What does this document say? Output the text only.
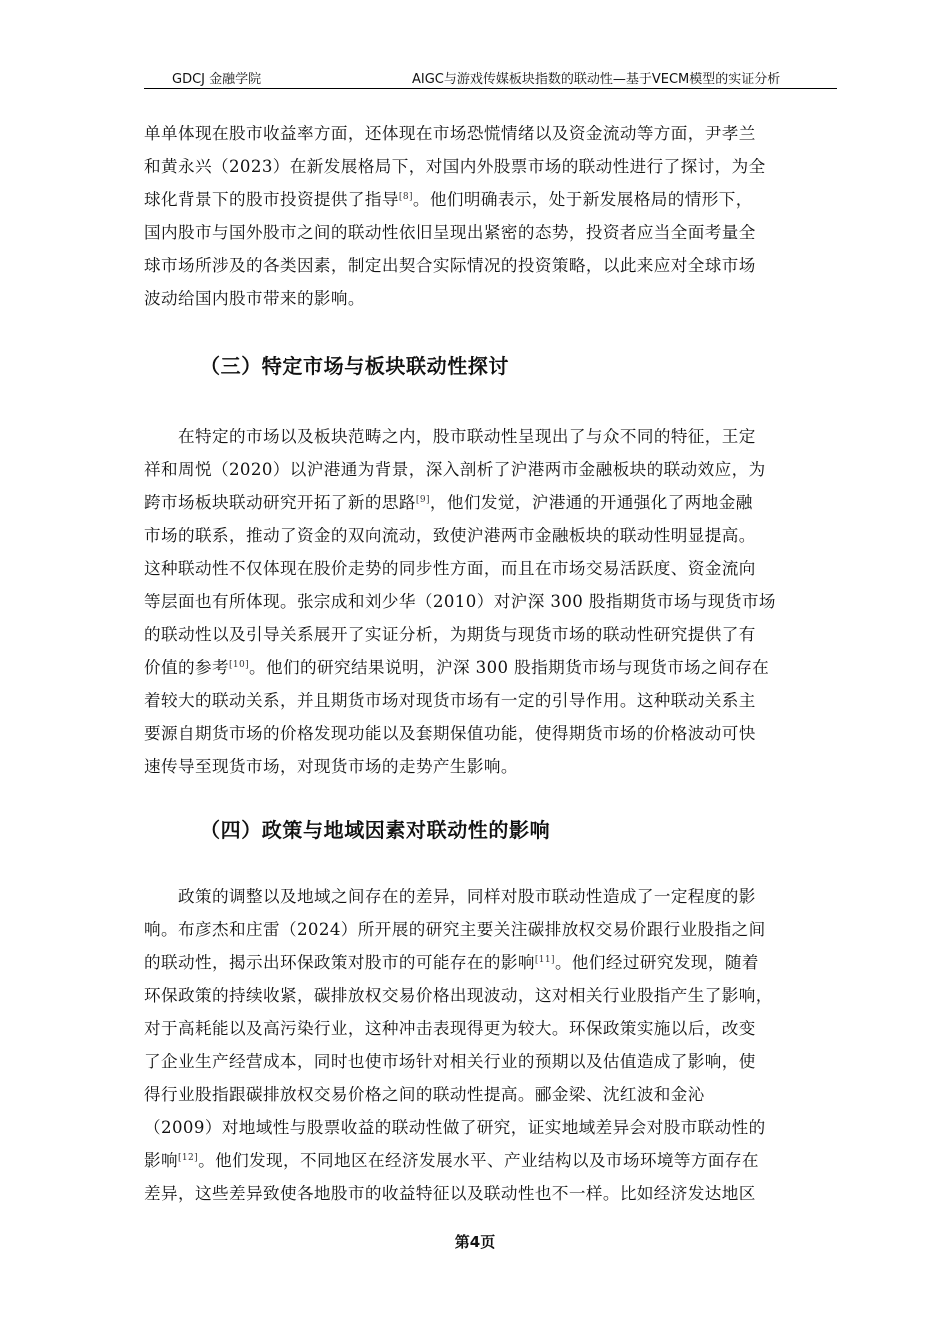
GDCJ 金融学院	AIGC与游戏传媒板块指数的联动性—基于VECM模型的实证分析
单单体现在股市收益率方面，还体现在市场恐慌情绪以及资金流动等方面，尹孝兰
和黄永兴（2023）在新发展格局下，对国内外股票市场的联动性进行了探讨，为全
球化背景下的股市投资提供了指导[8]。他们明确表示，处于新发展格局的情形下，
国内股市与国外股市之间的联动性依旧呈现出紧密的态势，投资者应当全面考量全
球市场所涉及的各类因素，制定出契合实际情况的投资策略，以此来应对全球市场
波动给国内股市带来的影响。
（三）特定市场与板块联动性探讨
在特定的市场以及板块范畴之内，股市联动性呈现出了与众不同的特征，王定
祥和周悦（2020）以沪港通为背景，深入剖析了沪港两市金融板块的联动效应，为
跨市场板块联动研究开拓了新的思路[9]，他们发觉，沪港通的开通强化了两地金融
市场的联系，推动了资金的双向流动，致使沪港两市金融板块的联动性明显提高。
这种联动性不仅体现在股价走势的同步性方面，而且在市场交易活跃度、资金流向
等层面也有所体现。张宗成和刘少华（2010）对沪深 300 股指期货市场与现货市场
的联动性以及引导关系展开了实证分析，为期货与现货市场的联动性研究提供了有
价值的参考[10]。他们的研究结果说明，沪深 300 股指期货市场与现货市场之间存在
着较大的联动关系，并且期货市场对现货市场有一定的引导作用。这种联动关系主
要源自期货市场的价格发现功能以及套期保值功能，使得期货市场的价格波动可快
速传导至现货市场，对现货市场的走势产生影响。
（四）政策与地域因素对联动性的影响
政策的调整以及地域之间存在的差异，同样对股市联动性造成了一定程度的影
响。布彦杰和庄雷（2024）所开展的研究主要关注碳排放权交易价跟行业股指之间
的联动性，揭示出环保政策对股市的可能存在的影响[11]。他们经过研究发现，随着
环保政策的持续收紧，碳排放权交易价格出现波动，这对相关行业股指产生了影响，
对于高耗能以及高污染行业，这种冲击表现得更为较大。环保政策实施以后，改变
了企业生产经营成本，同时也使市场针对相关行业的预期以及估值造成了影响，使
得行业股指跟碳排放权交易价格之间的联动性提高。郦金梁、沈红波和金沁
（2009）对地域性与股票收益的联动性做了研究，证实地域差异会对股市联动性的
影响[12]。他们发现，不同地区在经济发展水平、产业结构以及市场环境等方面存在
差异，这些差异致使各地股市的收益特征以及联动性也不一样。比如经济发达地区
第4页
